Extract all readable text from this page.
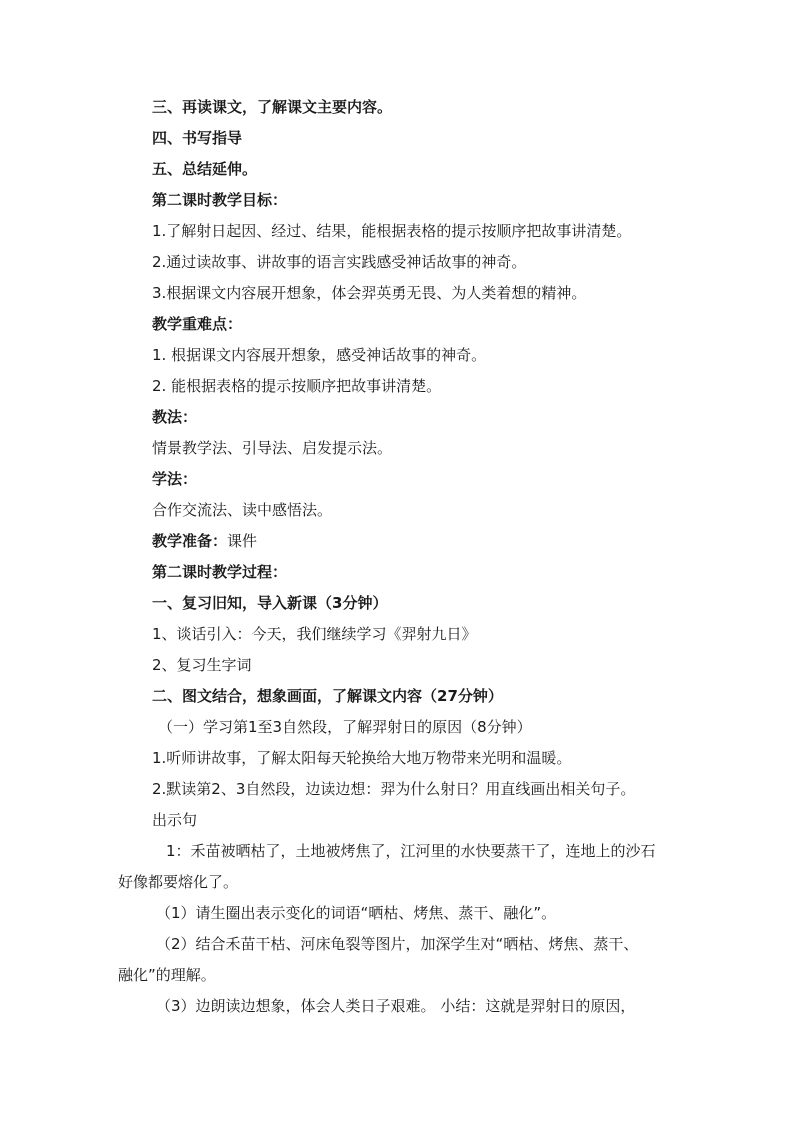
三、再读课文，了解课文主要内容。
四、书写指导
五、总结延伸。
第二课时教学目标：
1.了解射日起因、经过、结果，能根据表格的提示按顺序把故事讲清楚。
2.通过读故事、讲故事的语言实践感受神话故事的神奇。
3.根据课文内容展开想象，体会羿英勇无畏、为人类着想的精神。
教学重难点：
1. 根据课文内容展开想象，感受神话故事的神奇。
2. 能根据表格的提示按顺序把故事讲清楚。
教法：
情景教学法、引导法、启发提示法。
学法：
合作交流法、读中感悟法。
教学准备：课件
第二课时教学过程：
一、复习旧知，导入新课（3分钟）
1、谈话引入：今天，我们继续学习《羿射九日》
2、复习生字词
二、图文结合，想象画面，了解课文内容（27分钟）
（一）学习第1至3自然段，了解羿射日的原因（8分钟）
1.听师讲故事，了解太阳每天轮换给大地万物带来光明和温暖。
2.默读第2、3自然段，边读边想：羿为什么射日？用直线画出相关句子。
出示句
1：禾苗被晒枯了，土地被烤焦了，江河里的水快要蒸干了，连地上的沙石
好像都要熔化了。
（1）请生圈出表示变化的词语“晒枯、烤焦、蒸干、融化”。
（2）结合禾苗干枯、河床龟裂等图片，加深学生对“晒枯、烤焦、蒸干、
融化”的理解。
（3）边朗读边想象，体会人类日子艰难。 小结：这就是羿射日的原因，
